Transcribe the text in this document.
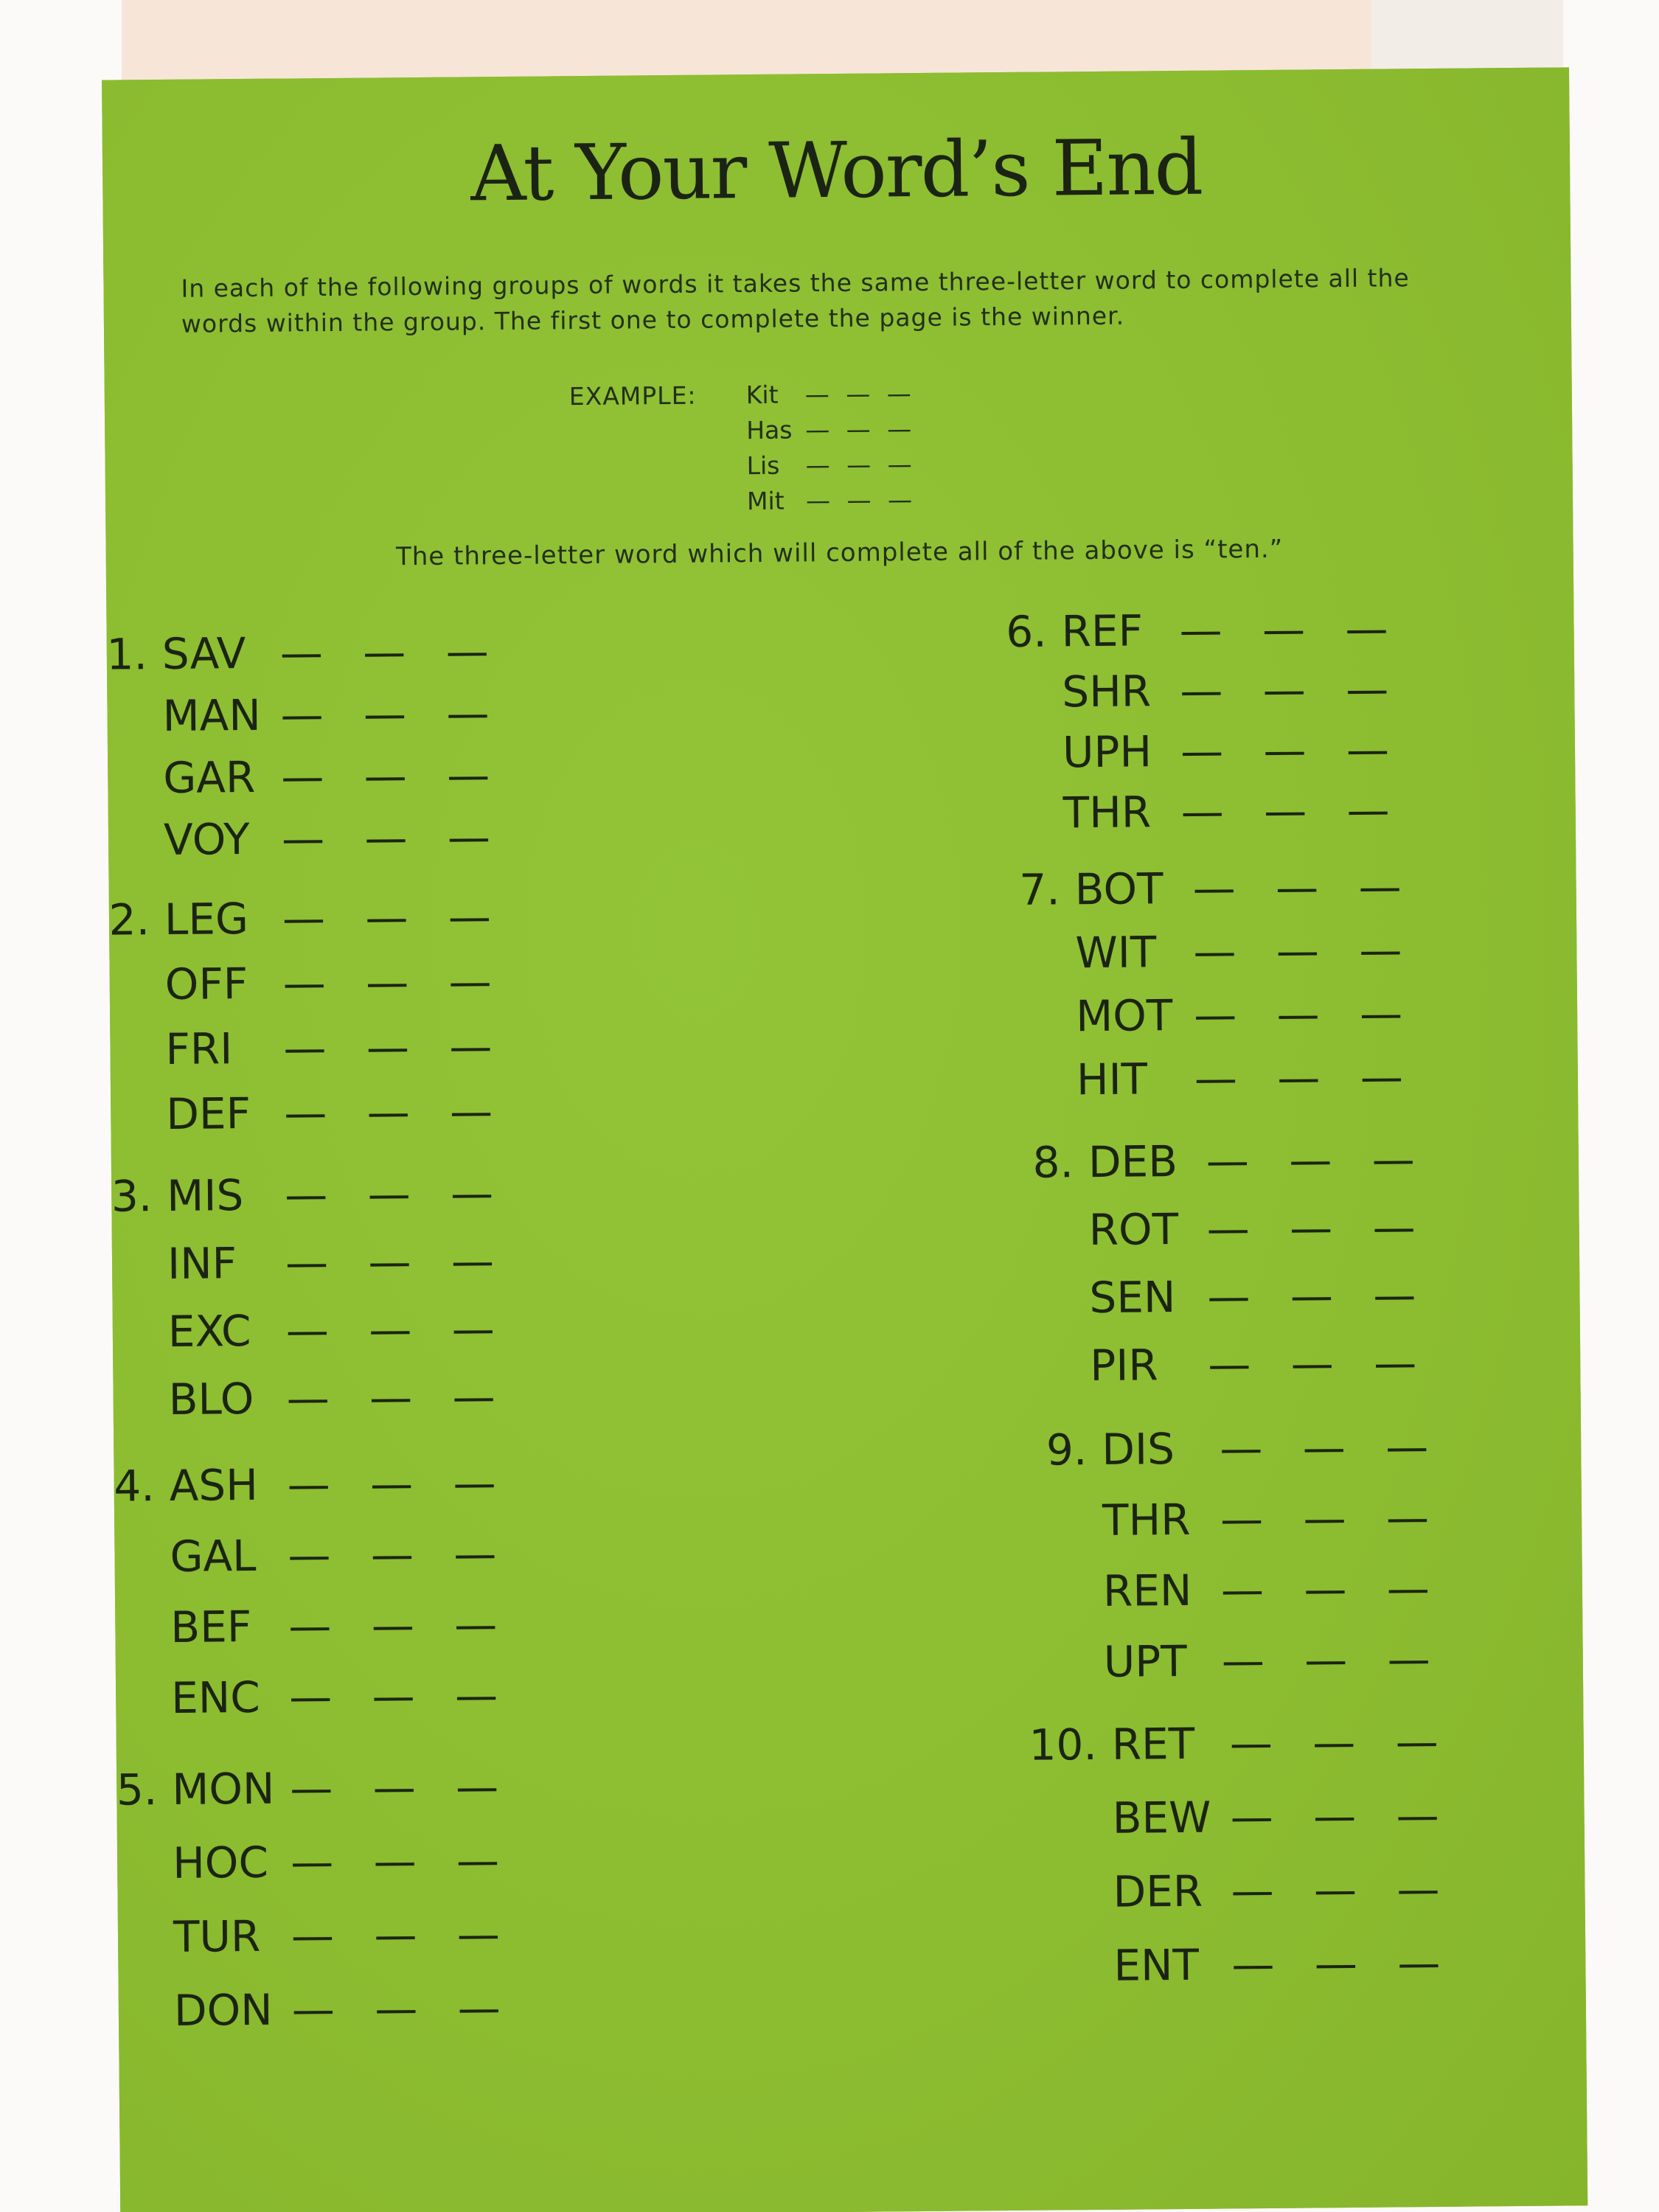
At Your Word’s End
In each of the following groups of words it takes the same three-letter word to complete all the words within the group. The first one to complete the page is the winner.
EXAMPLE:	Kit — — —
Has — — —
Lis — — —
Mit — — —
The three-letter word which will complete all of the above is “ten.”
1. SAV — — —
MAN — — —
GAR — — —
VOY — — —
2. LEG — — —
OFF — — —
FRI — — —
DEF — — —
3. MIS — — —
INF — — —
EXC — — —
BLO — — —
4. ASH — — —
GAL — — —
BEF — — —
ENC — — —
5. MON — — —
HOC — — —
TUR — — —
DON — — —
6. REF — — —
SHR — — —
UPH — — —
THR — — —
7. BOT — — —
WIT — — —
MOT — — —
HIT — — —
8. DEB — — —
ROT — — —
SEN — — —
PIR — — —
9. DIS — — —
THR — — —
REN — — —
UPT — — —
10. RET — — —
BEW — — —
DER — — —
ENT — — —
